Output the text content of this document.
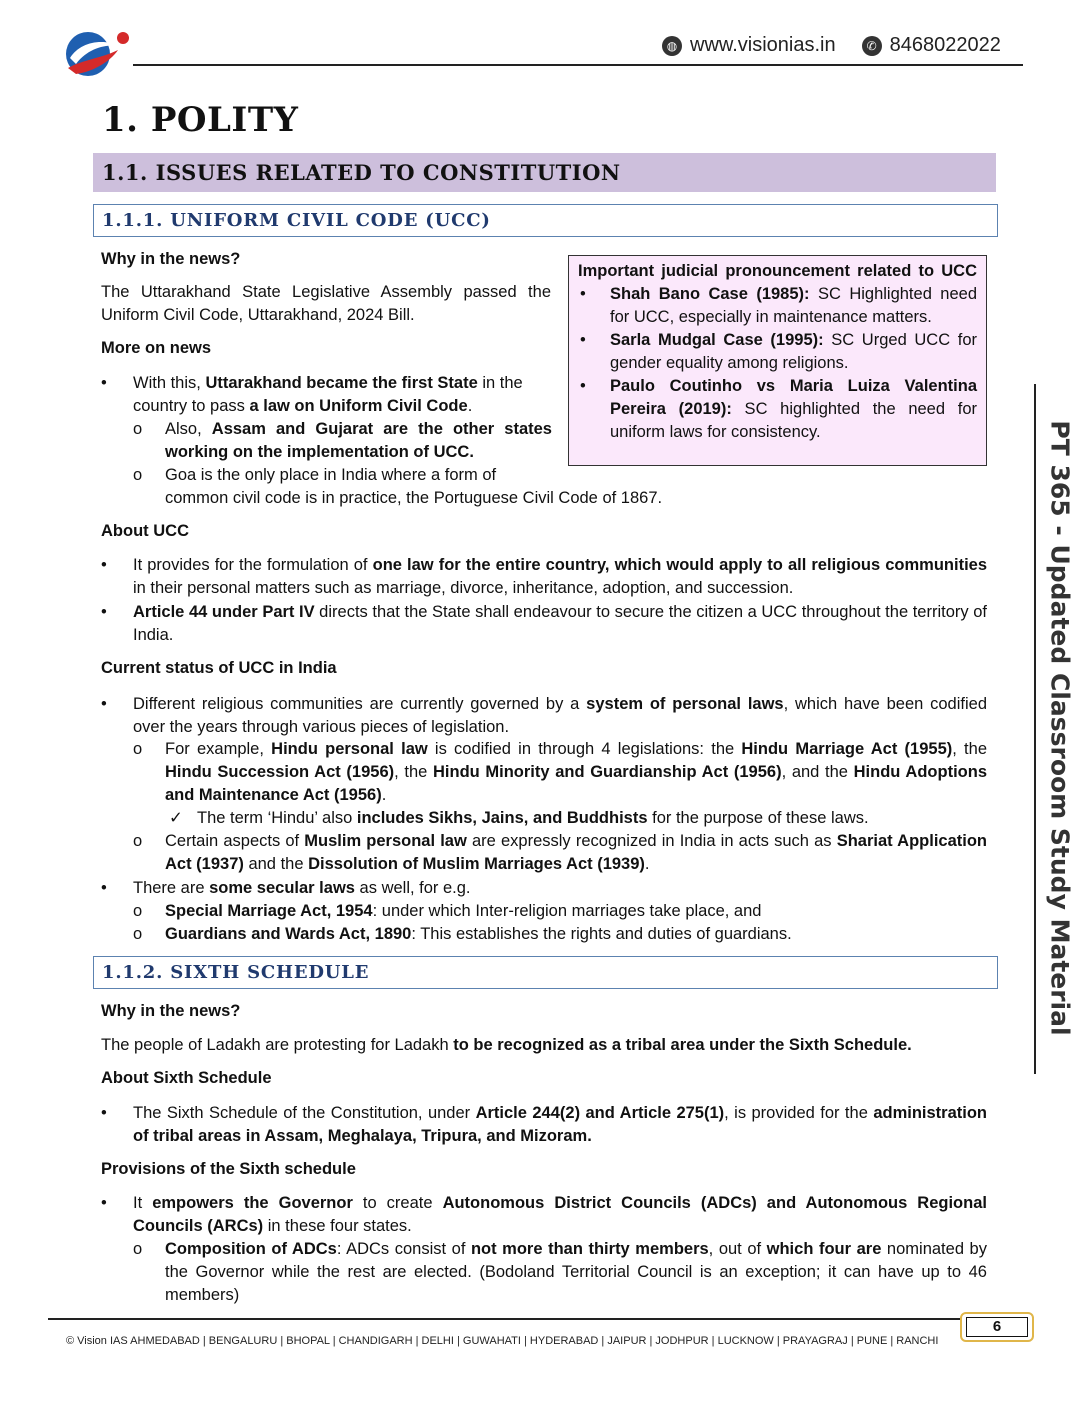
◍ www.visionias.in	✆ 8468022022
1. POLITY
1.1. ISSUES RELATED TO CONSTITUTION
1.1.1. UNIFORM CIVIL CODE (UCC)
Why in the news?
The Uttarakhand State Legislative Assembly passed the Uniform Civil Code, Uttarakhand, 2024 Bill.
More on news
• With this, Uttarakhand became the first State in the country to pass a law on Uniform Civil Code.
o Also, Assam and Gujarat are the other states working on the implementation of UCC.
o Goa is the only place in India where a form of
common civil code is in practice, the Portuguese Civil Code of 1867.
Important judicial pronouncement related to UCC
• Shah Bano Case (1985): SC Highlighted need for UCC, especially in maintenance matters.
• Sarla Mudgal Case (1995): SC Urged UCC for gender equality among religions.
• Paulo Coutinho vs Maria Luiza Valentina Pereira (2019): SC highlighted the need for uniform laws for consistency.
About UCC
• It provides for the formulation of one law for the entire country, which would apply to all religious communities in their personal matters such as marriage, divorce, inheritance, adoption, and succession.
• Article 44 under Part IV directs that the State shall endeavour to secure the citizen a UCC throughout the territory of India.
Current status of UCC in India
• Different religious communities are currently governed by a system of personal laws, which have been codified over the years through various pieces of legislation.
o For example, Hindu personal law is codified in through 4 legislations: the Hindu Marriage Act (1955), the Hindu Succession Act (1956), the Hindu Minority and Guardianship Act (1956), and the Hindu Adoptions and Maintenance Act (1956).
✓ The term ‘Hindu’ also includes Sikhs, Jains, and Buddhists for the purpose of these laws.
o Certain aspects of Muslim personal law are expressly recognized in India in acts such as Shariat Application Act (1937) and the Dissolution of Muslim Marriages Act (1939).
• There are some secular laws as well, for e.g.
o Special Marriage Act, 1954: under which Inter-religion marriages take place, and
o Guardians and Wards Act, 1890: This establishes the rights and duties of guardians.
1.1.2. SIXTH SCHEDULE
Why in the news?
The people of Ladakh are protesting for Ladakh to be recognized as a tribal area under the Sixth Schedule.
About Sixth Schedule
• The Sixth Schedule of the Constitution, under Article 244(2) and Article 275(1), is provided for the administration of tribal areas in Assam, Meghalaya, Tripura, and Mizoram.
Provisions of the Sixth schedule
• It empowers the Governor to create Autonomous District Councils (ADCs) and Autonomous Regional Councils (ARCs) in these four states.
o Composition of ADCs: ADCs consist of not more than thirty members, out of which four are nominated by the Governor while the rest are elected. (Bodoland Territorial Council is an exception; it can have up to 46 members)
PT 365 - Updated Classroom Study Material
© Vision IAS AHMEDABAD | BENGALURU | BHOPAL | CHANDIGARH | DELHI | GUWAHATI | HYDERABAD | JAIPUR | JODHPUR | LUCKNOW | PRAYAGRAJ | PUNE | RANCHI
6
